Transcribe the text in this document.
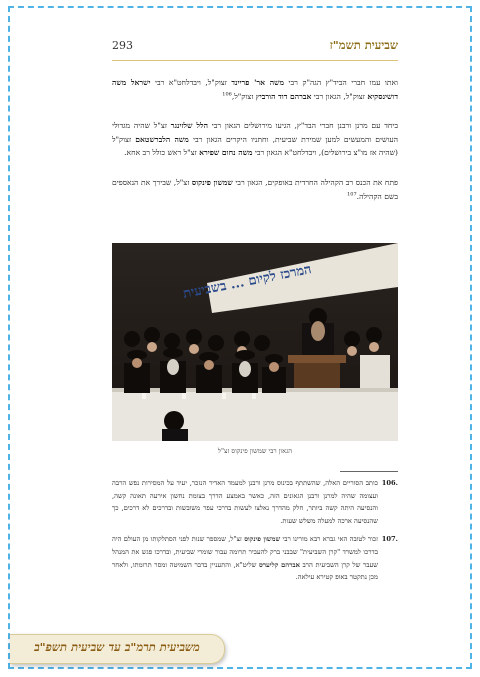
שביעית תשמ"ז
293

ואתו עמו חברי הביד"ץ הגה"ק רבי משה אר' פריינד זצוק"ל, ויבדלחט"א רבי ישראל משה דושינסקיא זצוק"ל, הגאון רבי אברהם דוד הורביץ זצוק"ל,$^{106}$

ביחד עם מרנן ורבנן חברי הבד"ץ, הגיעו מירושלים הגאון רבי הלל שלזינגר זצ"ל שהיה מגדולי העושים והמעשים למען שמירת שביעית, וחתניו היקרים הגאון רבי משה הלברשטאם זצוק"ל (שהיה אז מו"צ בירושלים), ויבדלחט"א הגאון רבי משה נחום שפירא זצ"ל ראש כולל רב אחא.

פתח את הכנס רב הקהילה החרדית באופקים, הגאון רבי שמשון פינקוס זצ"ל, שבירך את הנאספים בשם הקהילה.$^{107}$

המרכז לקיום ... בשביעית
הגאון רבי שמשון פינקוס זצ"ל
106.
כותב הסוריים האלה, שהשתתף בכינוס מרנן ורבנן למעמד האדיר הנזכר, יעיד על המסירות נפש הרבה ועצומה שהיה למרנן ורבנן הגאונים הזה, כאשר באמצע הדרך בצומת נחשון אירעה תאונה קשה, והנסיעה היתה קשה ביותר, חלק מהדרך נאלצו לעשות בדרכי עפר משובשות ובדרכים לא דרכים, כך שהנסיעה ארכה למעלה משלש שעות.
107.
זכור לטובה האי גברא רבא מורינו רבי שמשון פינקוס זצ"ל, שמספר שנות לפני הסתלקותו מן העולם היה בדרכו למשרד "קרן השביעית" שבבני ברק להעביר תרומה עבור שומרי שביעית, ובדרכו פגש את המנהל שעבר של קרן השביעית הרב אברהם קליערס שליט"א, והתעניין בדבר השמיטה ומסר תרומתו, ולאחר מכן נתקטר באופ קטירא עילאה.
משביעית תרמ"ב עד שביעית תשפ"ב
